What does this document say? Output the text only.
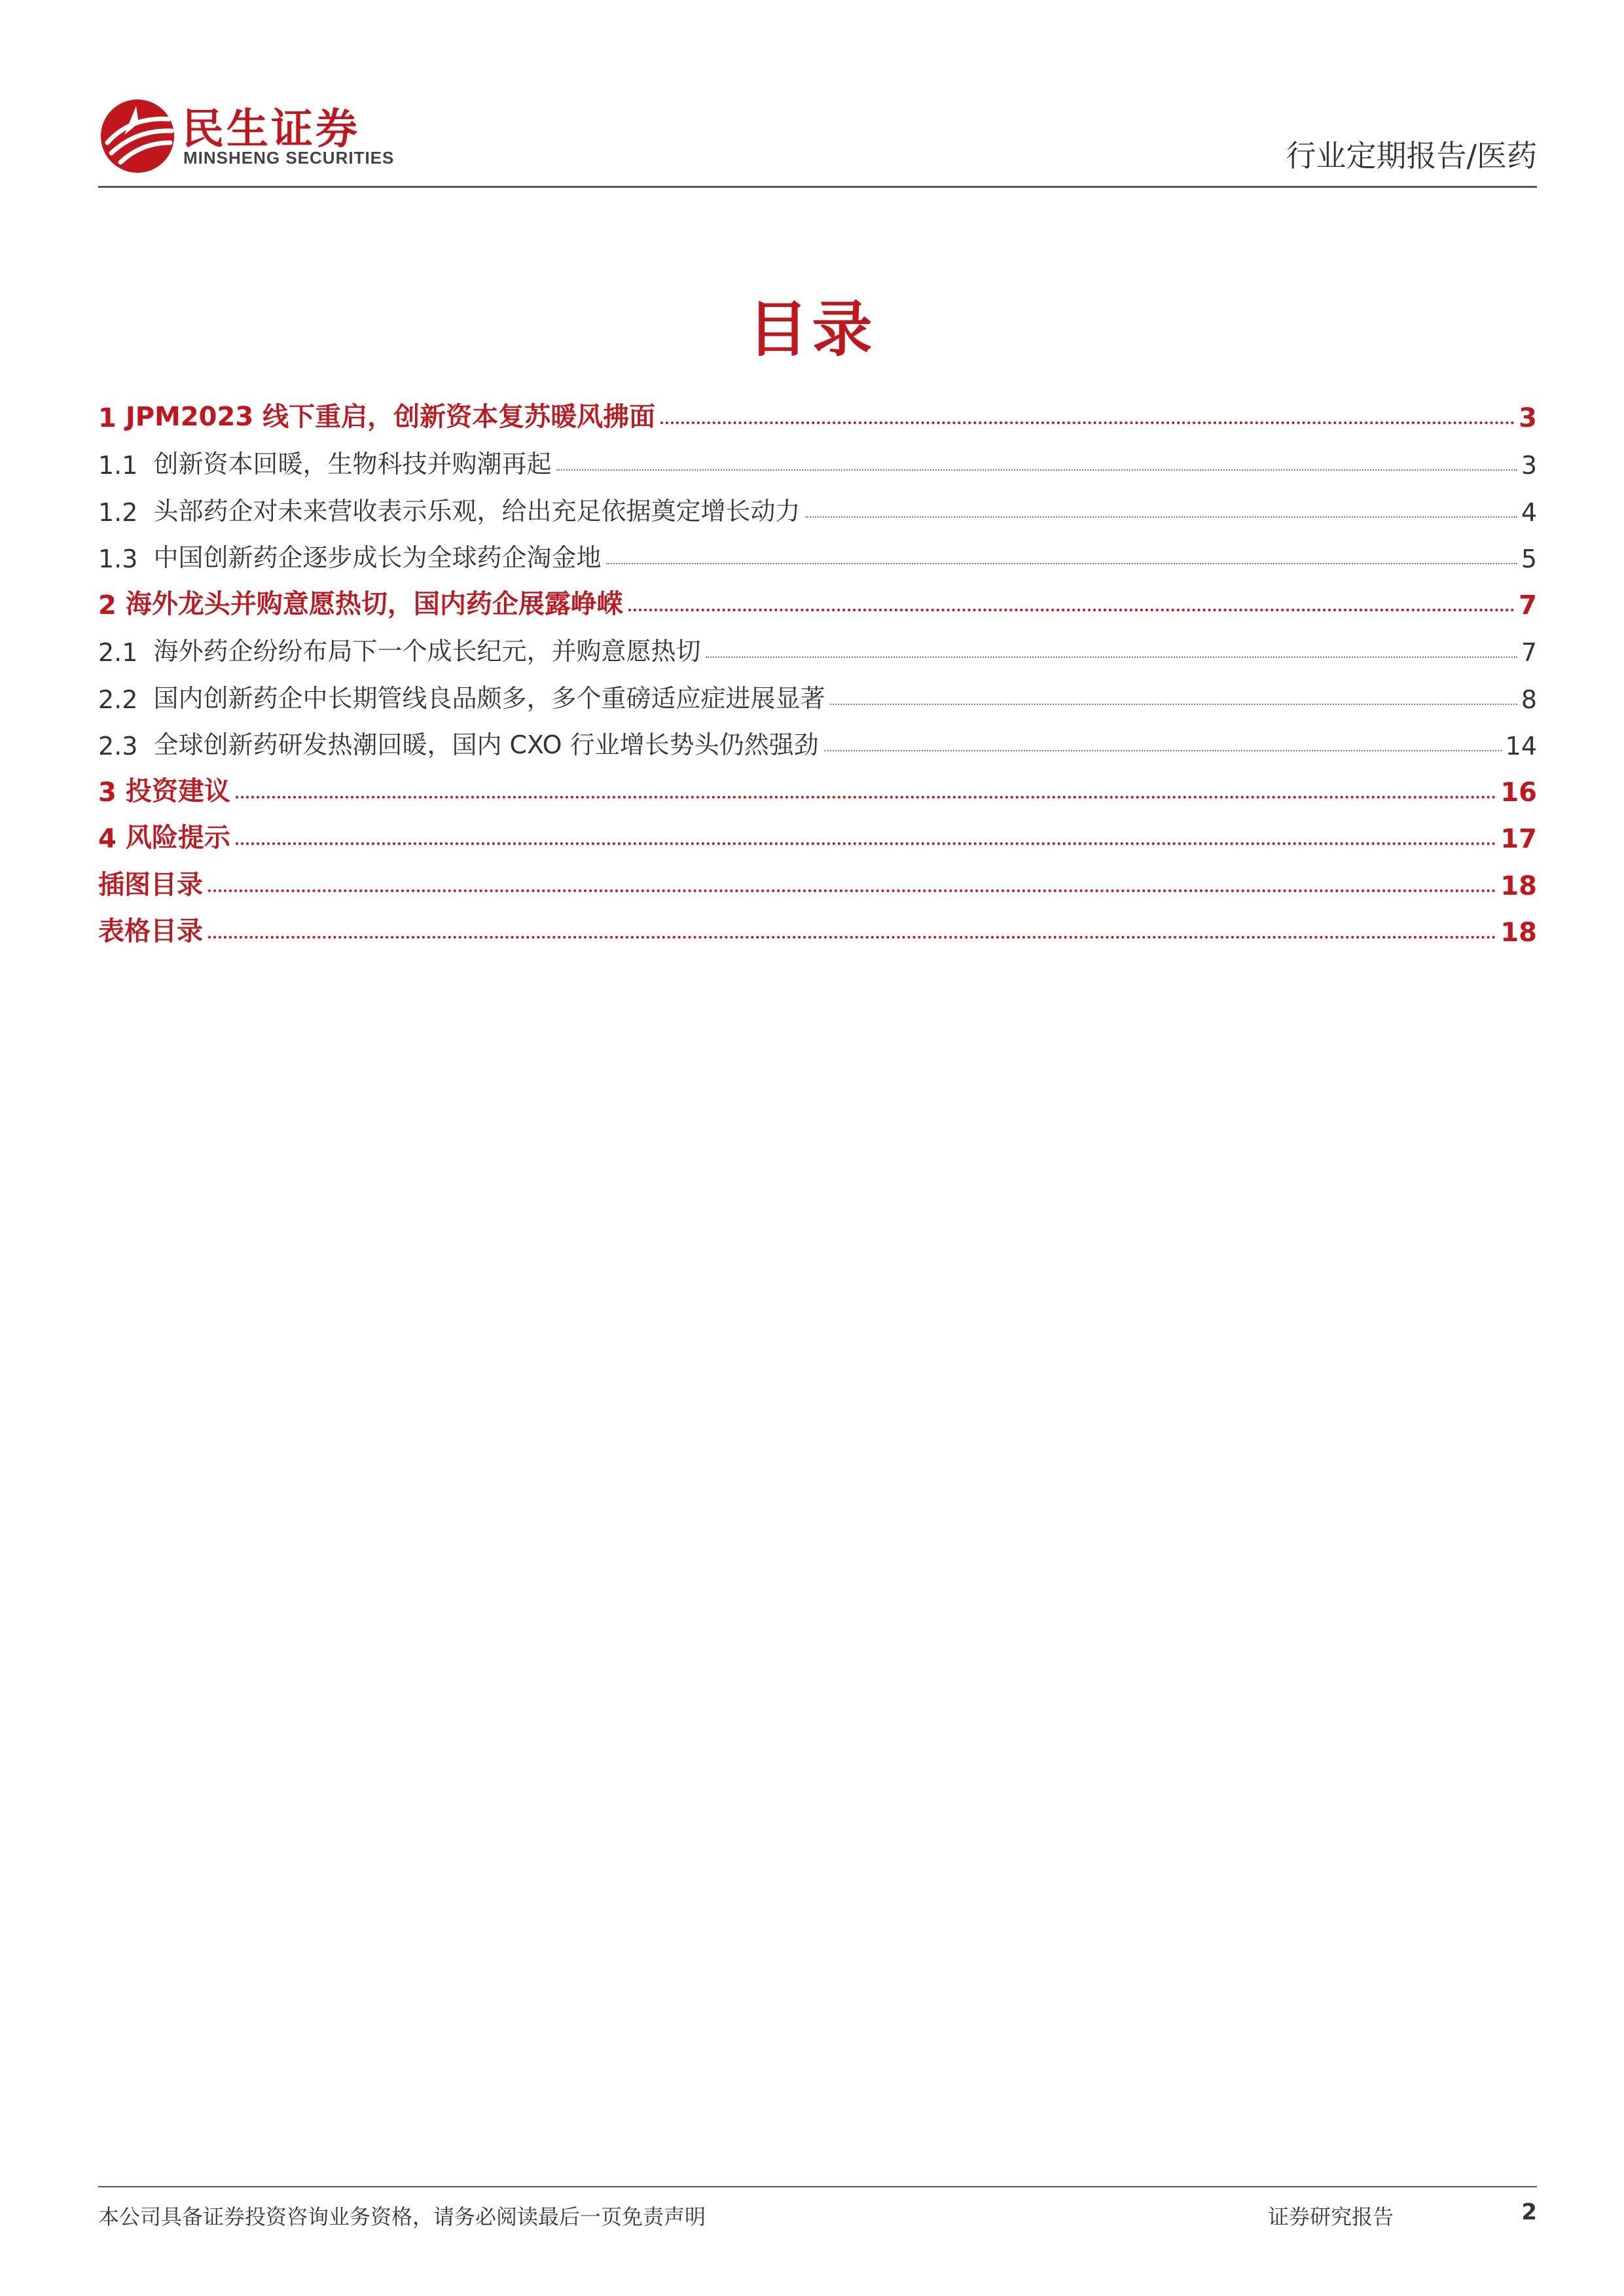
民生证券
MINSHENG SECURITIES	行业定期报告/医药
目录
1 JPM2023 线下重启，创新资本复苏暖风拂面	3
1.1 创新资本回暖，生物科技并购潮再起	3
1.2 头部药企对未来营收表示乐观，给出充足依据奠定增长动力	4
1.3 中国创新药企逐步成长为全球药企淘金地	5
2 海外龙头并购意愿热切，国内药企展露峥嵘	7
2.1 海外药企纷纷布局下一个成长纪元，并购意愿热切	7
2.2 国内创新药企中长期管线良品颇多，多个重磅适应症进展显著	8
2.3 全球创新药研发热潮回暖，国内 CXO 行业增长势头仍然强劲	14
3 投资建议	16
4 风险提示	17
插图目录	18
表格目录	18
本公司具备证券投资咨询业务资格，请务必阅读最后一页免责声明	证券研究报告	2
